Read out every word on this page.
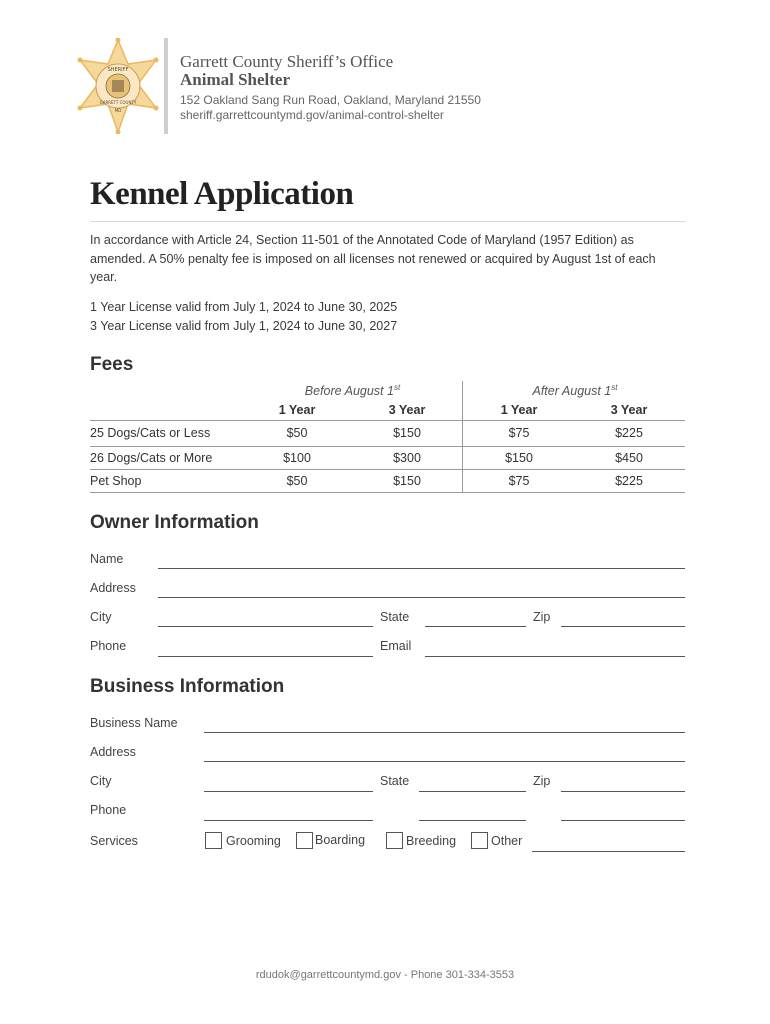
SHERIFF
GARRETT COUNTY
MD
Garrett County Sheriff’s Office
Animal Shelter
152 Oakland Sang Run Road, Oakland, Maryland 21550
sheriff.garrettcountymd.gov/animal-control-shelter
Kennel Application
In accordance with Article 24, Section 11-501 of the Annotated Code of Maryland (1957 Edition) as amended. A 50% penalty fee is imposed on all licenses not renewed or acquired by August 1st of each year.
1 Year License valid from July 1, 2024 to June 30, 2025
3 Year License valid from July 1, 2024 to June 30, 2027
Fees
Before August 1st	After August 1st
1 Year	3 Year	1 Year	3 Year
25 Dogs/Cats or Less	$50	$150	$75	$225
26 Dogs/Cats or More	$100	$300	$150	$450
Pet Shop	$50	$150	$75	$225
Owner Information
Name
Address
City	State	Zip
Phone	Email
Business Information
Business Name
Address
City	State	Zip
Phone
Services	Grooming	Boarding	Breeding	Other
rdudok@garrettcountymd.gov - Phone 301-334-3553
